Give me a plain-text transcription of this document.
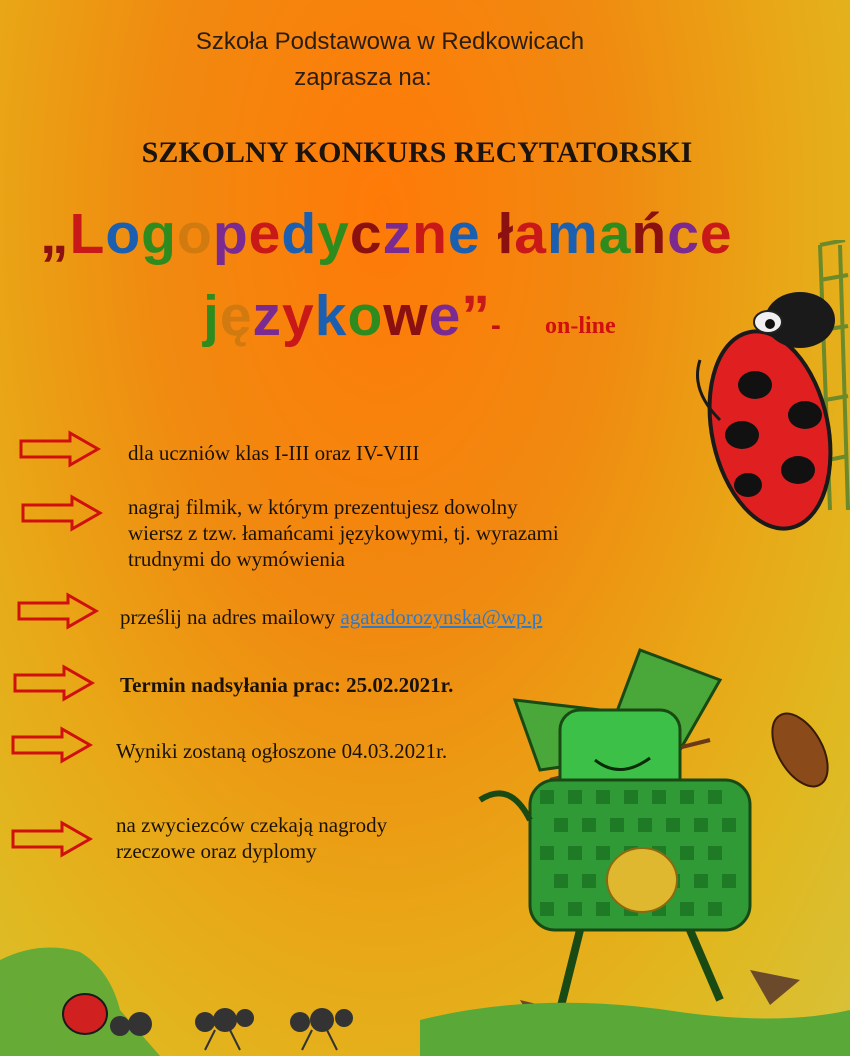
Szkoła Podstawowa w Redkowicach
zaprasza na:
SZKOLNY KONKURS RECYTATORSKI
„Logopedyczne łamańce
językowe”- on-line
dla uczniów klas I-III oraz IV-VIII
nagraj filmik, w którym prezentujesz dowolny
wiersz z tzw. łamańcami językowymi, tj. wyrazami
trudnymi do wymówienia
prześlij na adres mailowy agatadorozynska@wp.p
Termin nadsyłania prac: 25.02.2021r.
Wyniki zostaną ogłoszone 04.03.2021r.
na zwyciezców czekają nagrody
rzeczowe oraz dyplomy
